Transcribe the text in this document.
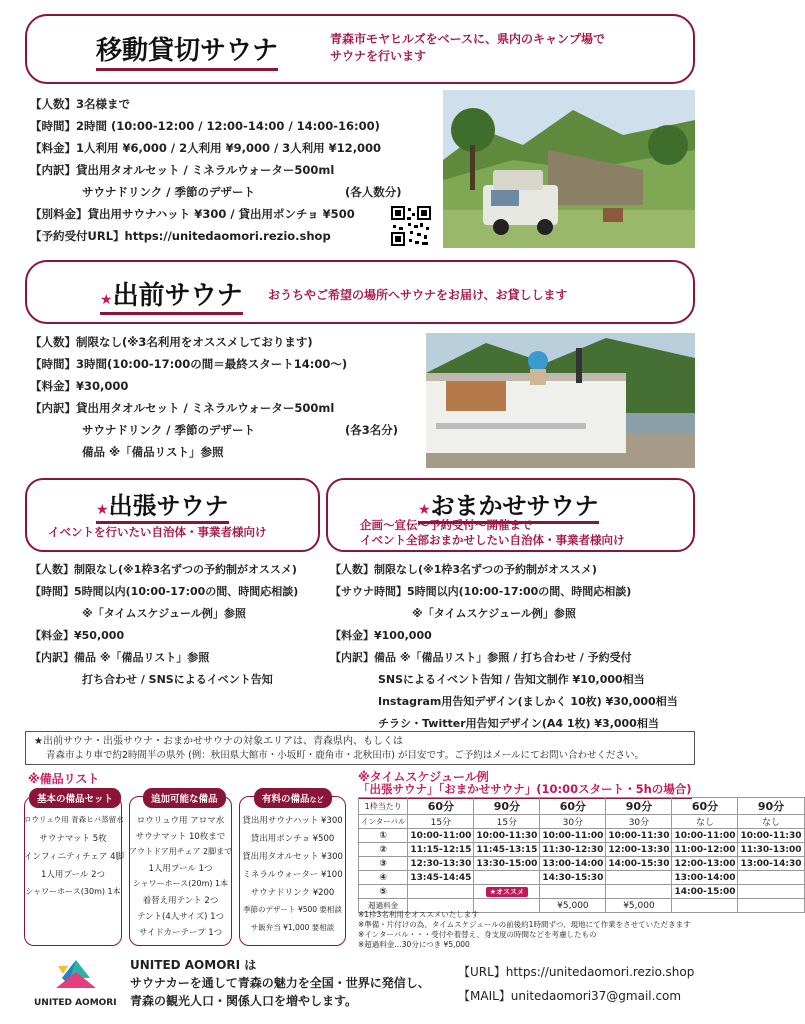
移動貸切サウナ	青森市モヤヒルズをベースに、県内のキャンプ場で
サウナを行います
【人数】3名様まで
【時間】2時間 (10:00-12:00 / 12:00-14:00 / 14:00-16:00)
【料金】1人利用 ¥6,000 / 2人利用 ¥9,000 / 3人利用 ¥12,000
【内訳】貸出用タオルセット / ミネラルウォーター500ml
サウナドリンク / 季節のデザート	(各人数分)
【別料金】貸出用サウナハット ¥300 / 貸出用ポンチョ ¥500
【予約受付URL】https://unitedaomori.rezio.shop
★出前サウナ おうちやご希望の場所へサウナをお届け、お貸しします
【人数】制限なし(※3名利用をオススメしております)
【時間】3時間(10:00-17:00の間＝最終スタート14:00〜)
【料金】¥30,000
【内訳】貸出用タオルセット / ミネラルウォーター500ml
サウナドリンク / 季節のデザート	(各3名分)
備品 ※「備品リスト」参照
★出張サウナ
イベントを行いたい自治体・事業者様向け
★おまかせサウナ
企画〜宣伝〜予約受付〜開催まで
イベント全部おまかせしたい自治体・事業者様向け
【人数】制限なし(※1枠3名ずつの予約制がオススメ)
【時間】5時間以内(10:00-17:00の間、時間応相談)
※「タイムスケジュール例」参照
【料金】¥50,000
【内訳】備品 ※「備品リスト」参照
打ち合わせ / SNSによるイベント告知
【人数】制限なし(※1枠3名ずつの予約制がオススメ)
【サウナ時間】5時間以内(10:00-17:00の間、時間応相談)
※「タイムスケジュール例」参照
【料金】¥100,000
【内訳】備品 ※「備品リスト」参照 / 打ち合わせ / 予約受付
SNSによるイベント告知 / 告知文制作 ¥10,000相当
Instagram用告知デザイン(ましかく 10枚) ¥30,000相当
チラシ・Twitter用告知デザイン(A4 1枚) ¥3,000相当
★出前サウナ・出張サウナ・おまかせサウナの対象エリアは、青森県内、もしくは
青森市より車で約2時間半の県外 (例：秋田県大館市・小坂町・鹿角市・北秋田市) が目安です。ご予約はメールにてお問い合わせください。
※備品リスト
基本の備品セット
ロウリュウ用 青森ヒバ蒸留水
サウナマット 5枚
インフィニティチェア 4脚
1人用プール 2つ
シャワーホース(30m) 1本
追加可能な備品
ロウリュウ用 アロマ水
サウナマット 10枚まで
アウトドア用チェア 2脚まで
1人用プール 1つ
シャワーホース(20m) 1本
着替え用テント 2つ
テント(4人サイズ) 1つ
サイドカーテープ 1つ
有料の備品など
貸出用サウナハット ¥300
貸出用ポンチョ ¥500
貸出用タオルセット ¥300
ミネラルウォーター ¥100
サウナドリンク ¥200
季節のデザート ¥500 要相談
サ飯弁当 ¥1,000 要相談
※タイムスケジュール例
「出張サウナ」「おまかせサウナ」(10:00スタート・5hの場合)
1枠当たり	60分	90分	60分	90分	60分	90分
インターバル	15分	15分	30分	30分	なし	なし
①	10:00-11:00	10:00-11:30	10:00-11:00	10:00-11:30	10:00-11:00	10:00-11:30
②	11:15-12:15	11:45-13:15	11:30-12:30	12:00-13:30	11:00-12:00	11:30-13:00
③	12:30-13:30	13:30-15:00	13:00-14:00	14:00-15:30	12:00-13:00	13:00-14:30
④	13:45-14:45		14:30-15:30		13:00-14:00	
⑤		★オススメ			14:00-15:00	
超過料金			¥5,000	¥5,000		
※1枠3名利用をオススメいたします
※準備・片付けの為、タイムスケジュールの前後約1時間ずつ、現地にて作業をさせていただきます
※インターバル・・・受付や着替え、身支度の時間などを考慮したもの
※超過料金…30分につき ¥5,000
UNITED AOMORI
UNITED AOMORI は
サウナカーを通して青森の魅力を全国・世界に発信し、
青森の観光人口・関係人口を増やします。
【URL】https://unitedaomori.rezio.shop
【MAIL】unitedaomori37@gmail.com
